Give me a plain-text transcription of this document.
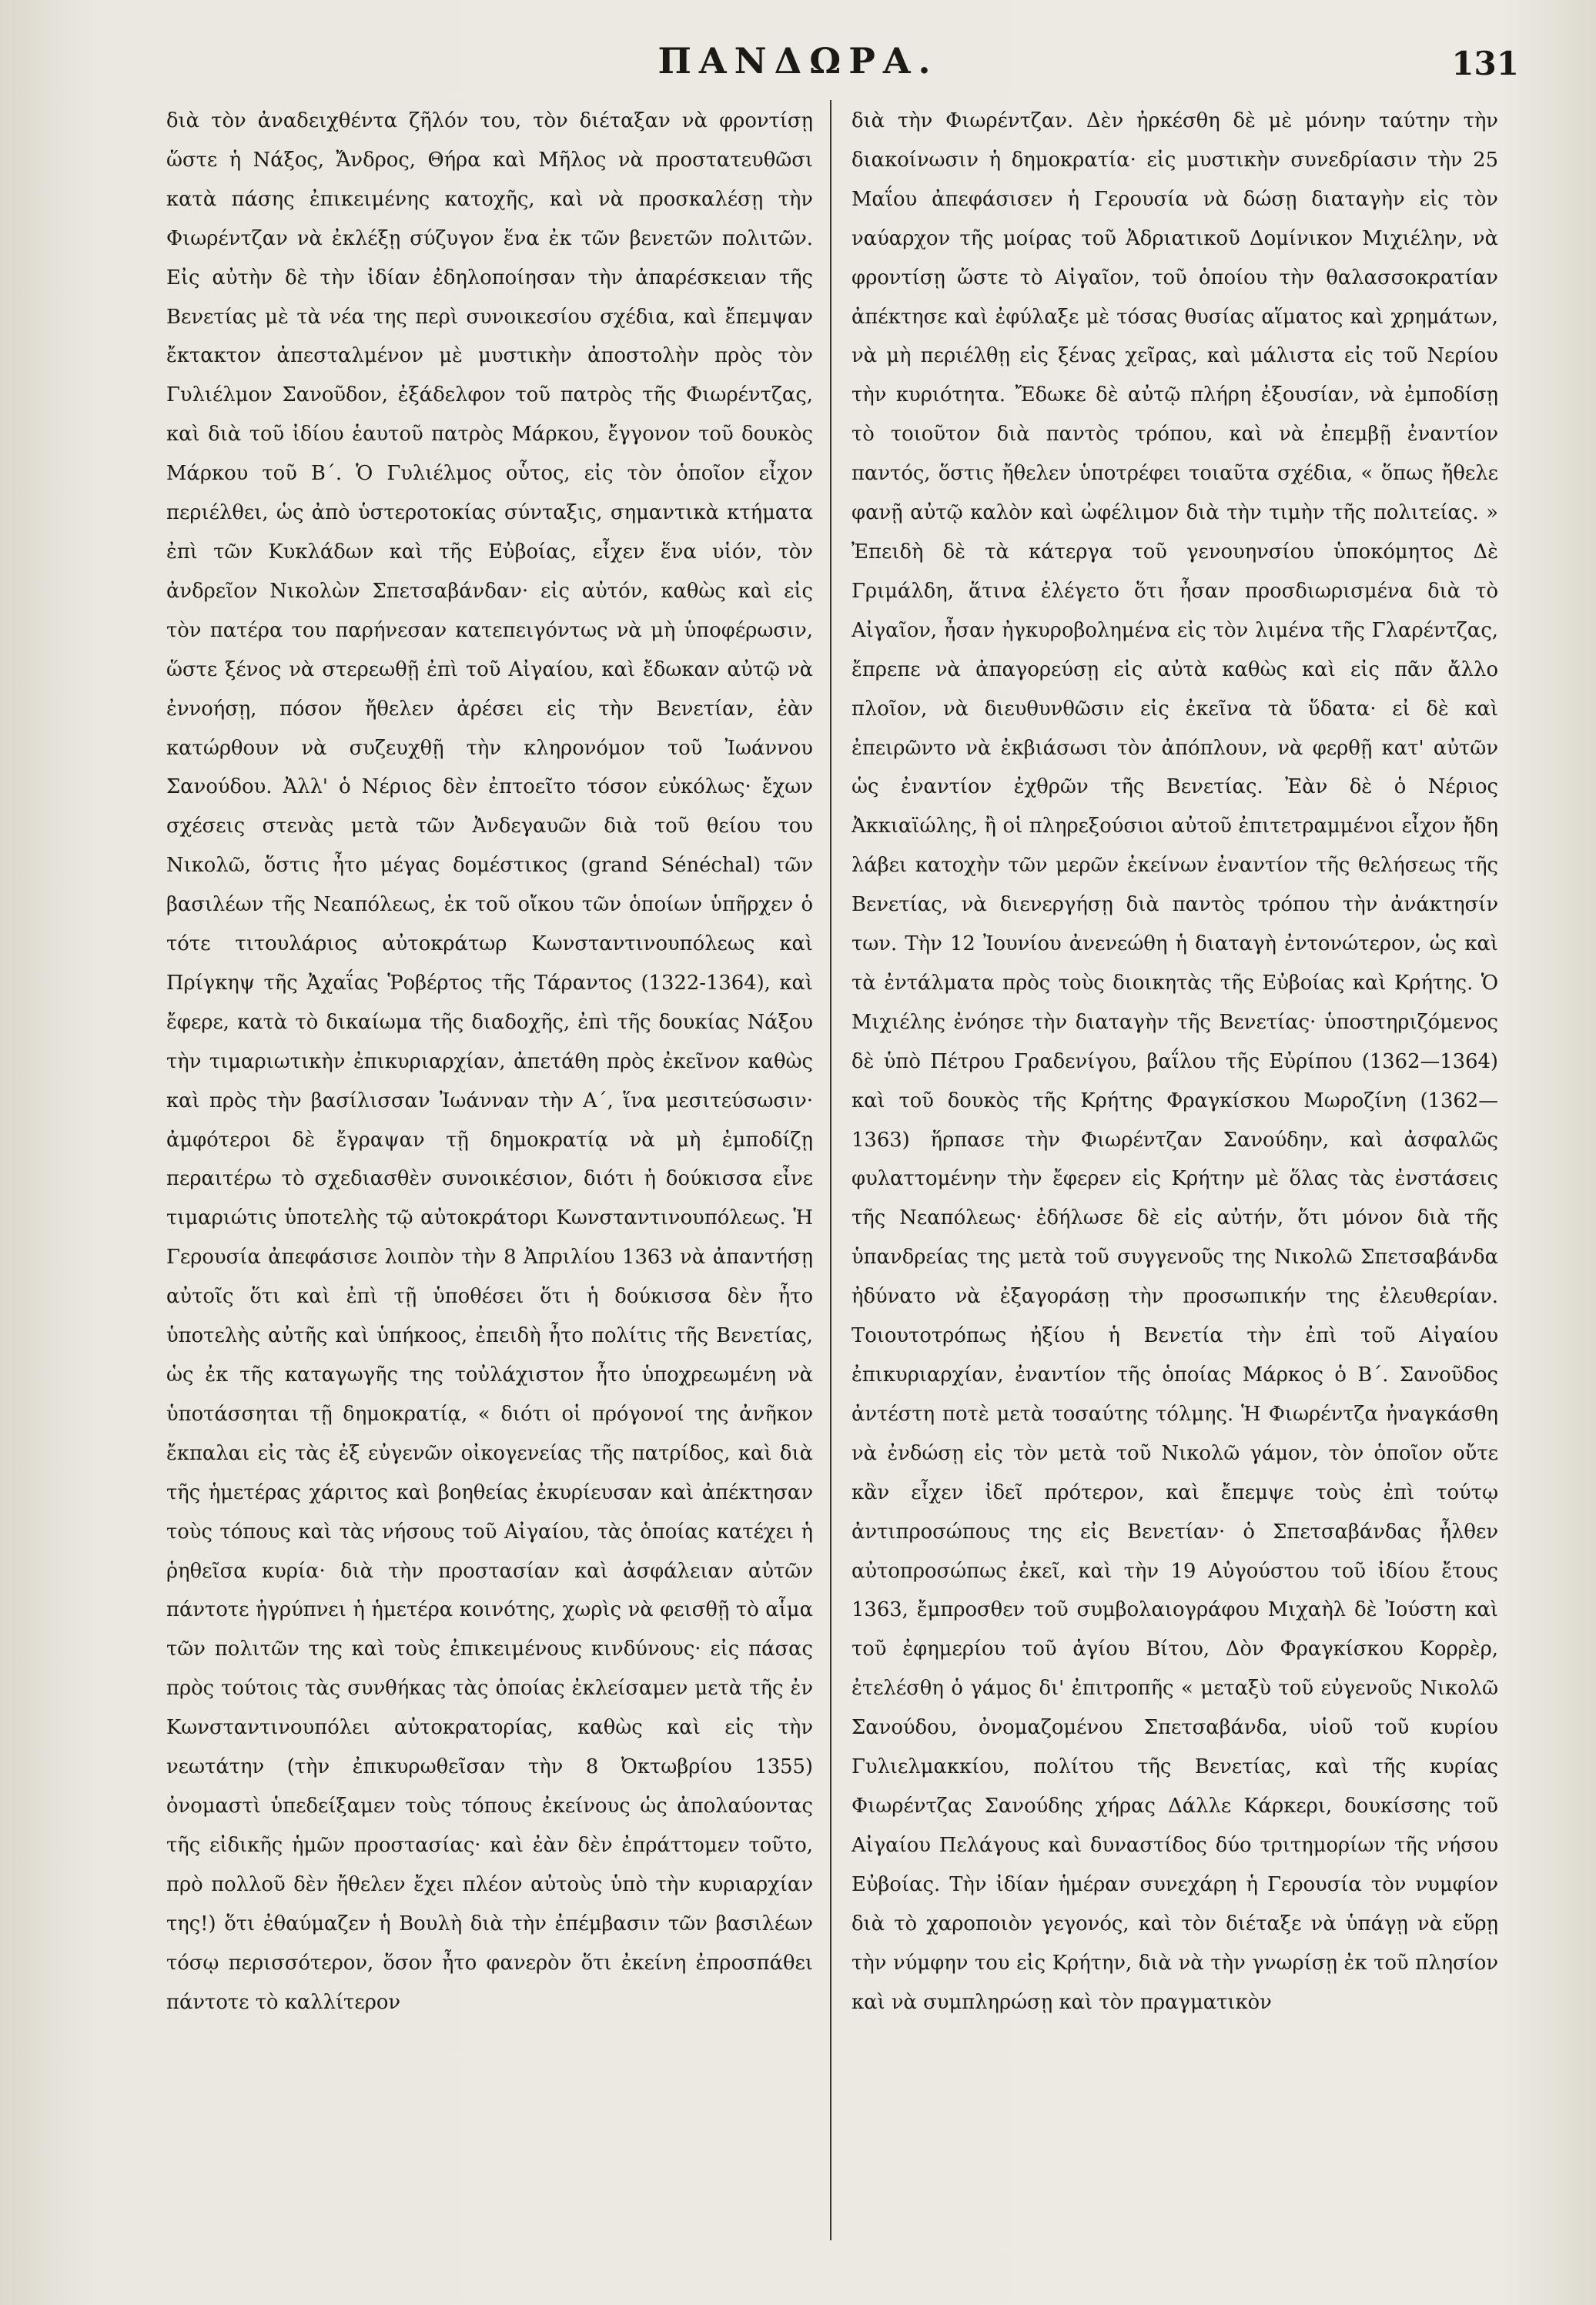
ΠΑΝΔΩΡΑ.	131

διὰ τὸν ἀναδειχθέντα ζῆλόν του, τὸν διέταξαν νὰ φροντίσῃ ὥστε ἡ Νάξος, Ἄνδρος, Θήρα καὶ Μῆλος νὰ προστατευθῶσι κατὰ πάσης ἐπικειμένης κατοχῆς, καὶ νὰ προσκαλέσῃ τὴν Φιωρέντζαν νὰ ἐκλέξῃ σύζυγον ἕνα ἐκ τῶν βενετῶν πολιτῶν. Εἰς αὐτὴν δὲ τὴν ἰδίαν ἐδηλοποίησαν τὴν ἀπαρέσκειαν τῆς Βενετίας μὲ τὰ νέα της περὶ συνοικεσίου σχέδια, καὶ ἔπεμψαν ἔκτακτον ἀπεσταλμένον μὲ μυστικὴν ἀποστολὴν πρὸς τὸν Γυλιέλμον Σανοῦδον, ἐξάδελφον τοῦ πατρὸς τῆς Φιωρέντζας, καὶ διὰ τοῦ ἰδίου ἑαυτοῦ πατρὸς Μάρκου, ἔγγονον τοῦ δουκὸς Μάρκου τοῦ Β΄. Ὁ Γυλιέλμος οὗτος, εἰς τὸν ὁποῖον εἶχον περιέλθει, ὡς ἀπὸ ὑστεροτοκίας σύνταξις, σημαντικὰ κτήματα ἐπὶ τῶν Κυκλάδων καὶ τῆς Εὐβοίας, εἶχεν ἕνα υἱόν, τὸν ἀνδρεῖον Νικολὼν Σπετσαβάνδαν· εἰς αὐτόν, καθὼς καὶ εἰς τὸν πατέρα του παρήνεσαν κατεπειγόντως νὰ μὴ ὑποφέρωσιν, ὥστε ξένος νὰ στερεωθῇ ἐπὶ τοῦ Αἰγαίου, καὶ ἔδωκαν αὐτῷ νὰ ἐννοήσῃ, πόσον ἤθελεν ἀρέσει εἰς τὴν Βενετίαν, ἐὰν κατώρθουν νὰ συζευχθῇ τὴν κληρονόμον τοῦ Ἰωάννου Σανούδου. Ἀλλ' ὁ Νέριος δὲν ἐπτοεῖτο τόσον εὐκόλως· ἔχων σχέσεις στενὰς μετὰ τῶν Ἀνδεγαυῶν διὰ τοῦ θείου του Νικολῶ, ὅστις ἦτο μέγας δομέστικος (grand Sénéchal) τῶν βασιλέων τῆς Νεαπόλεως, ἐκ τοῦ οἴκου τῶν ὁποίων ὑπῆρχεν ὁ τότε τιτουλάριος αὐτοκράτωρ Κωνσταντινουπόλεως καὶ Πρίγκηψ τῆς Ἀχαΐας Ῥοβέρτος τῆς Τάραντος (1322-1364), καὶ ἔφερε, κατὰ τὸ δικαίωμα τῆς διαδοχῆς, ἐπὶ τῆς δουκίας Νάξου τὴν τιμαριωτικὴν ἐπικυριαρχίαν, ἀπετάθη πρὸς ἐκεῖνον καθὼς καὶ πρὸς τὴν βασίλισσαν Ἰωάνναν τὴν Α΄, ἵνα μεσιτεύσωσιν· ἀμφότεροι δὲ ἔγραψαν τῇ δημοκρατίᾳ νὰ μὴ ἐμποδίζῃ περαιτέρω τὸ σχεδιασθὲν συνοικέσιον, διότι ἡ δούκισσα εἶνε τιμαριώτις ὑποτελὴς τῷ αὐτοκράτορι Κωνσταντινουπόλεως. Ἡ Γερουσία ἀπεφάσισε λοιπὸν τὴν 8 Ἀπριλίου 1363 νὰ ἀπαντήσῃ αὐτοῖς ὅτι καὶ ἐπὶ τῇ ὑποθέσει ὅτι ἡ δούκισσα δὲν ἦτο ὑποτελὴς αὐτῆς καὶ ὑπήκοος, ἐπειδὴ ἦτο πολίτις τῆς Βενετίας, ὡς ἐκ τῆς καταγωγῆς της τοὐλάχιστον ἦτο ὑποχρεωμένη νὰ ὑποτάσσηται τῇ δημοκρατίᾳ, « διότι οἱ πρόγονοί της ἀνῆκον ἔκπαλαι εἰς τὰς ἐξ εὐγενῶν οἰκογενείας τῆς πατρίδος, καὶ διὰ τῆς ἡμετέρας χάριτος καὶ βοηθείας ἐκυρίευσαν καὶ ἀπέκτησαν τοὺς τόπους καὶ τὰς νήσους τοῦ Αἰγαίου, τὰς ὁποίας κατέχει ἡ ῥηθεῖσα κυρία· διὰ τὴν προστασίαν καὶ ἀσφάλειαν αὐτῶν πάντοτε ἠγρύπνει ἡ ἡμετέρα κοινότης, χωρὶς νὰ φεισθῇ τὸ αἷμα τῶν πολιτῶν της καὶ τοὺς ἐπικειμένους κινδύνους· εἰς πάσας πρὸς τούτοις τὰς συνθήκας τὰς ὁποίας ἐκλείσαμεν μετὰ τῆς ἐν Κωνσταντινουπόλει αὐτοκρατορίας, καθὼς καὶ εἰς τὴν νεωτάτην (τὴν ἐπικυρωθεῖσαν τὴν 8 Ὀκτωβρίου 1355) ὀνομαστὶ ὑπεδείξαμεν τοὺς τόπους ἐκείνους ὡς ἀπολαύοντας τῆς εἰδικῆς ἡμῶν προστασίας· καὶ ἐὰν δὲν ἐπράττομεν τοῦτο, πρὸ πολλοῦ δὲν ἤθελεν ἔχει πλέον αὐτοὺς ὑπὸ τὴν κυριαρχίαν της!) ὅτι ἐθαύμαζεν ἡ Βουλὴ διὰ τὴν ἐπέμβασιν τῶν βασιλέων τόσῳ περισσότερον, ὅσον ἦτο φανερὸν ὅτι ἐκείνη ἐπροσπάθει πάντοτε τὸ καλλίτερον

διὰ τὴν Φιωρέντζαν. Δὲν ἠρκέσθη δὲ μὲ μόνην ταύτην τὴν διακοίνωσιν ἡ δημοκρατία· εἰς μυστικὴν συνεδρίασιν τὴν 25 Μαΐου ἀπεφάσισεν ἡ Γερουσία νὰ δώσῃ διαταγὴν εἰς τὸν ναύαρχον τῆς μοίρας τοῦ Ἀδριατικοῦ Δομίνικον Μιχιέλην, νὰ φροντίσῃ ὥστε τὸ Αἰγαῖον, τοῦ ὁποίου τὴν θαλασσοκρατίαν ἀπέκτησε καὶ ἐφύλαξε μὲ τόσας θυσίας αἵματος καὶ χρημάτων, νὰ μὴ περιέλθῃ εἰς ξένας χεῖρας, καὶ μάλιστα εἰς τοῦ Νερίου τὴν κυριότητα. Ἔδωκε δὲ αὐτῷ πλήρη ἐξουσίαν, νὰ ἐμποδίσῃ τὸ τοιοῦτον διὰ παντὸς τρόπου, καὶ νὰ ἐπεμβῇ ἐναντίον παντός, ὅστις ἤθελεν ὑποτρέφει τοιαῦτα σχέδια, « ὅπως ἤθελε φανῇ αὐτῷ καλὸν καὶ ὠφέλιμον διὰ τὴν τιμὴν τῆς πολιτείας. » Ἐπειδὴ δὲ τὰ κάτεργα τοῦ γενουηνσίου ὑποκόμητος Δὲ Γριμάλδη, ἅτινα ἐλέγετο ὅτι ἦσαν προσδιωρισμένα διὰ τὸ Αἰγαῖον, ἦσαν ἠγκυροβολημένα εἰς τὸν λιμένα τῆς Γλαρέντζας, ἔπρεπε νὰ ἀπαγορεύσῃ εἰς αὐτὰ καθὼς καὶ εἰς πᾶν ἄλλο πλοῖον, νὰ διευθυνθῶσιν εἰς ἐκεῖνα τὰ ὕδατα· εἰ δὲ καὶ ἐπειρῶντο νὰ ἐκβιάσωσι τὸν ἀπόπλουν, νὰ φερθῇ κατ' αὐτῶν ὡς ἐναντίον ἐχθρῶν τῆς Βενετίας. Ἐὰν δὲ ὁ Νέριος Ἀκκιαϊώλης, ἢ οἱ πληρεξούσιοι αὐτοῦ ἐπιτετραμμένοι εἶχον ἤδη λάβει κατοχὴν τῶν μερῶν ἐκείνων ἐναντίον τῆς θελήσεως τῆς Βενετίας, νὰ διενεργήσῃ διὰ παντὸς τρόπου τὴν ἀνάκτησίν των. Τὴν 12 Ἰουνίου ἀνενεώθη ἡ διαταγὴ ἐντονώτερον, ὡς καὶ τὰ ἐντάλματα πρὸς τοὺς διοικητὰς τῆς Εὐβοίας καὶ Κρήτης. Ὁ Μιχιέλης ἐνόησε τὴν διαταγὴν τῆς Βενετίας· ὑποστηριζόμενος δὲ ὑπὸ Πέτρου Γραδενίγου, βαΐλου τῆς Εὐρίπου (1362—1364) καὶ τοῦ δουκὸς τῆς Κρήτης Φραγκίσκου Μωροζίνη (1362—1363) ἥρπασε τὴν Φιωρέντζαν Σανούδην, καὶ ἀσφαλῶς φυλαττομένην τὴν ἔφερεν εἰς Κρήτην μὲ ὅλας τὰς ἐνστάσεις τῆς Νεαπόλεως· ἐδήλωσε δὲ εἰς αὐτήν, ὅτι μόνον διὰ τῆς ὑπανδρείας της μετὰ τοῦ συγγενοῦς της Νικολῶ Σπετσαβάνδα ἠδύνατο νὰ ἐξαγοράσῃ τὴν προσωπικήν της ἐλευθερίαν. Τοιουτοτρόπως ἠξίου ἡ Βενετία τὴν ἐπὶ τοῦ Αἰγαίου ἐπικυριαρχίαν, ἐναντίον τῆς ὁποίας Μάρκος ὁ Β΄. Σανοῦδος ἀντέστη ποτὲ μετὰ τοσαύτης τόλμης. Ἡ Φιωρέντζα ἠναγκάσθη νὰ ἐνδώσῃ εἰς τὸν μετὰ τοῦ Νικολῶ γάμον, τὸν ὁποῖον οὔτε κἂν εἶχεν ἰδεῖ πρότερον, καὶ ἔπεμψε τοὺς ἐπὶ τούτῳ ἀντιπροσώπους της εἰς Βενετίαν· ὁ Σπετσαβάνδας ἦλθεν αὐτοπροσώπως ἐκεῖ, καὶ τὴν 19 Αὐγούστου τοῦ ἰδίου ἔτους 1363, ἔμπροσθεν τοῦ συμβολαιογράφου Μιχαὴλ δὲ Ἰούστη καὶ τοῦ ἐφημερίου τοῦ ἁγίου Βίτου, Δὸν Φραγκίσκου Κορρὲρ, ἐτελέσθη ὁ γάμος δι' ἐπιτροπῆς « μεταξὺ τοῦ εὐγενοῦς Νικολῶ Σανούδου, ὀνομαζομένου Σπετσαβάνδα, υἱοῦ τοῦ κυρίου Γυλιελμακκίου, πολίτου τῆς Βενετίας, καὶ τῆς κυρίας Φιωρέντζας Σανούδης χήρας Δάλλε Κάρκερι, δουκίσσης τοῦ Αἰγαίου Πελάγους καὶ δυναστίδος δύο τριτημορίων τῆς νήσου Εὐβοίας. Τὴν ἰδίαν ἡμέραν συνεχάρη ἡ Γερουσία τὸν νυμφίον διὰ τὸ χαροποιὸν γεγονός, καὶ τὸν διέταξε νὰ ὑπάγῃ νὰ εὕρῃ τὴν νύμφην του εἰς Κρήτην, διὰ νὰ τὴν γνωρίσῃ ἐκ τοῦ πλησίον καὶ νὰ συμπληρώσῃ καὶ τὸν πραγματικὸν
